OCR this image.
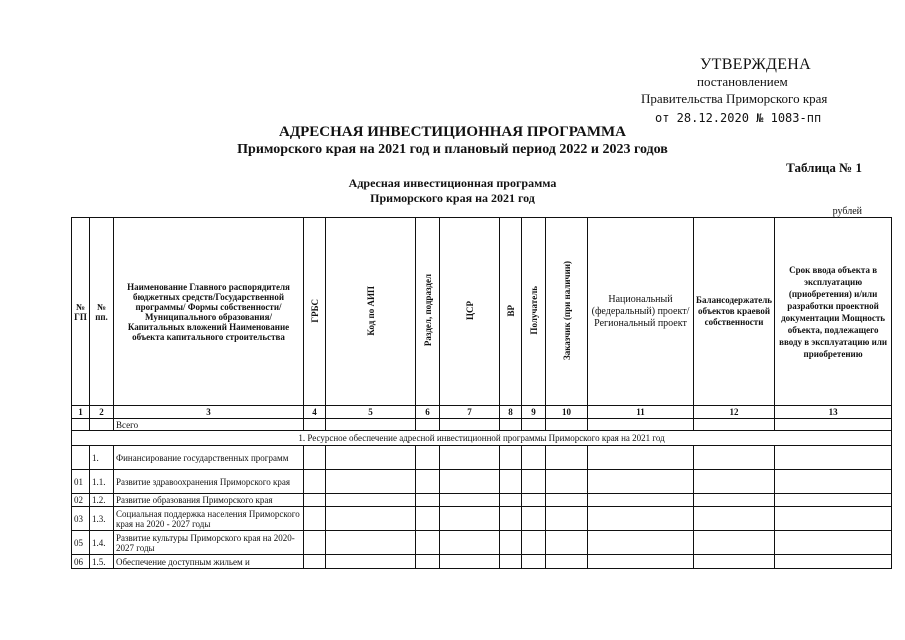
УТВЕРЖДЕНА
постановлением
Правительства Приморского края
от 28.12.2020 № 1083-пп
АДРЕСНАЯ ИНВЕСТИЦИОННАЯ ПРОГРАММА
Приморского края на 2021 год и плановый период 2022 и 2023 годов
Таблица № 1
Адресная инвестиционная программа
Приморского края на 2021 год
рублей
№ ГП	№ пп.	Наименование Главного распорядителя бюджетных средств/Государственной программы/ Формы собственности/ Муниципального образования/ Капитальных вложений Наименование объекта капитального строительства	ГРБС	Код по АИП	Раздел, подраздел	ЦСР	ВР	Получатель	Заказчик (при наличии)	Национальный (федеральный) проект/Региональный проект	Балансодержатель объектов краевой собственности	Срок ввода объекта в эксплуатацию (приобретения) и/или разработки проектной документации Мощность объекта, подлежащего вводу в эксплуатацию или приобретению
1	2	3	4	5	6	7	8	9	10	11	12	13
		Всего										
1. Ресурсное обеспечение адресной инвестиционной программы Приморского края на 2021 год												
	1.	Финансирование государственных программ										
01	1.1.	Развитие здравоохранения Приморского края										
02	1.2.	Развитие образования Приморского края										
03	1.3.	Социальная поддержка населения Приморского края на 2020 - 2027 годы										
05	1.4.	Развитие культуры Приморского края на 2020-2027 годы										
06	1.5.	Обеспечение доступным жильем и										
